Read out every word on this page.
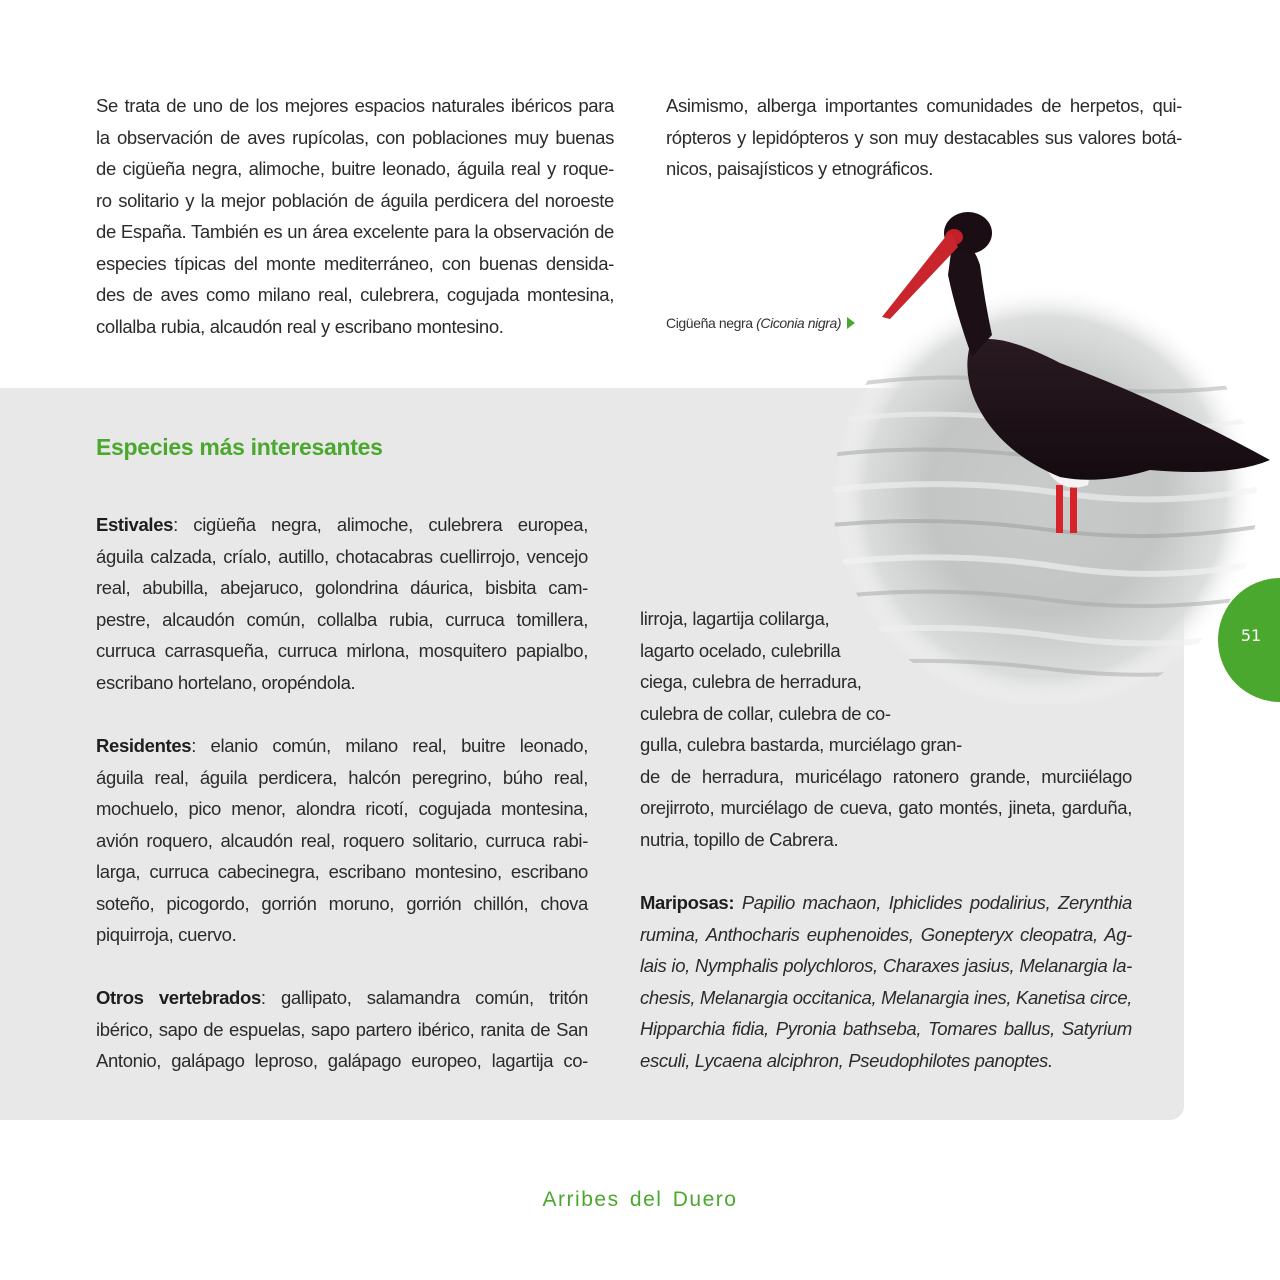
Se trata de uno de los mejores espacios naturales ibéricos para
la observación de aves rupícolas, con poblaciones muy buenas
de cigüeña negra, alimoche, buitre leonado, águila real y roque-
ro solitario y la mejor población de águila perdicera del noroeste
de España. También es un área excelente para la observación de
especies típicas del monte mediterráneo, con buenas densida-
des de aves como milano real, culebrera, cogujada montesina,
collalba rubia, alcaudón real y escribano montesino.
Asimismo, alberga importantes comunidades de herpetos, qui-
rópteros y lepidópteros y son muy destacables sus valores botá-
nicos, paisajísticos y etnográficos.
Especies más interesantes
Estivales: cigüeña negra, alimoche, culebrera europea,
águila calzada, críalo, autillo, chotacabras cuellirrojo, vencejo
real, abubilla, abejaruco, golondrina dáurica, bisbita cam-
pestre, alcaudón común, collalba rubia, curruca tomillera,
curruca carrasqueña, curruca mirlona, mosquitero papialbo,
escribano hortelano, oropéndola.
Residentes: elanio común, milano real, buitre leonado,
águila real, águila perdicera, halcón peregrino, búho real,
mochuelo, pico menor, alondra ricotí, cogujada montesina,
avión roquero, alcaudón real, roquero solitario, curruca rabi-
larga, curruca cabecinegra, escribano montesino, escribano
soteño, picogordo, gorrión moruno, gorrión chillón, chova
piquirroja, cuervo.
Otros vertebrados: gallipato, salamandra común, tritón
ibérico, sapo de espuelas, sapo partero ibérico, ranita de San
Antonio, galápago leproso, galápago europeo, lagartija co-
lirroja, lagartija colilarga,
lagarto ocelado, culebrilla
ciega, culebra de herradura,
culebra de collar, culebra de co-
gulla, culebra bastarda, murciélago gran-
de de herradura, muricélago ratonero grande, murciiélago
orejirroto, murciélago de cueva, gato montés, jineta, garduña,
nutria, topillo de Cabrera.
Mariposas: Papilio machaon, Iphiclides podalirius, Zerynthia
rumina, Anthocharis euphenoides, Gonepteryx cleopatra, Ag-
lais io, Nymphalis polychloros, Charaxes jasius, Melanargia la-
chesis, Melanargia occitanica, Melanargia ines, Kanetisa circe,
Hipparchia fidia, Pyronia bathseba, Tomares ballus, Satyrium
esculi, Lycaena alciphron, Pseudophilotes panoptes.
51
Cigüeña negra (Ciconia nigra)
Arribes del Duero
